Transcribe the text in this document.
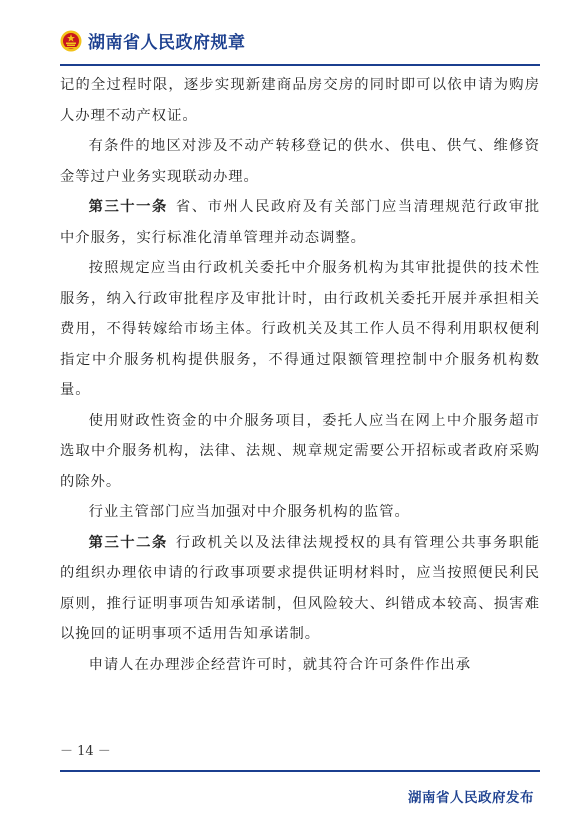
湖南省人民政府规章

记的全过程时限，逐步实现新建商品房交房的同时即可以依申请为购房人办理不动产权证。

有条件的地区对涉及不动产转移登记的供水、供电、供气、维修资金等过户业务实现联动办理。

第三十一条 省、市州人民政府及有关部门应当清理规范行政审批中介服务，实行标准化清单管理并动态调整。

按照规定应当由行政机关委托中介服务机构为其审批提供的技术性服务，纳入行政审批程序及审批计时，由行政机关委托开展并承担相关费用，不得转嫁给市场主体。行政机关及其工作人员不得利用职权便利指定中介服务机构提供服务，不得通过限额管理控制中介服务机构数量。

使用财政性资金的中介服务项目，委托人应当在网上中介服务超市选取中介服务机构，法律、法规、规章规定需要公开招标或者政府采购的除外。

行业主管部门应当加强对中介服务机构的监管。

第三十二条 行政机关以及法律法规授权的具有管理公共事务职能的组织办理依申请的行政事项要求提供证明材料时，应当按照便民利民原则，推行证明事项告知承诺制，但风险较大、纠错成本较高、损害难以挽回的证明事项不适用告知承诺制。

申请人在办理涉企经营许可时，就其符合许可条件作出承

－ 14 －
湖南省人民政府发布
